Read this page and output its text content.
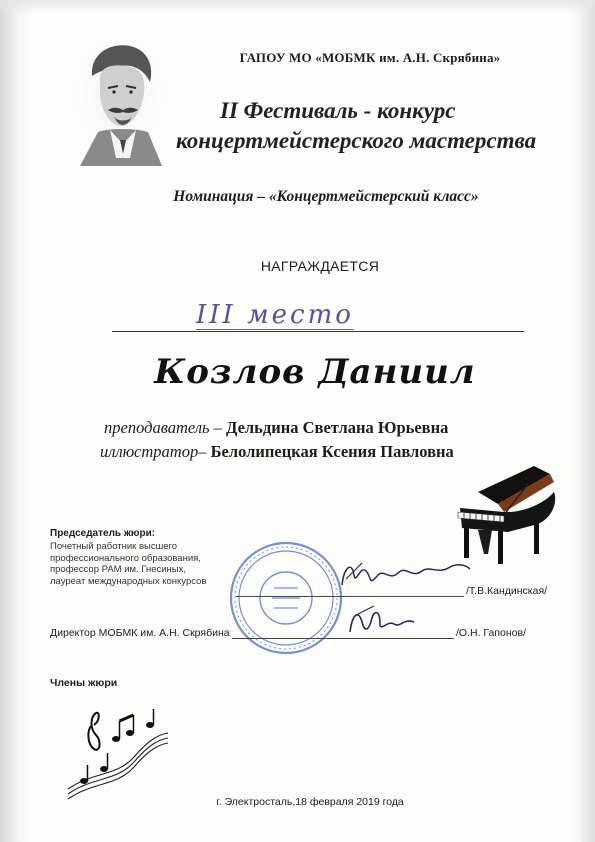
ГАПОУ МО «МОБМК им. А.Н. Скрябина»
II Фестиваль - конкурс
концертмейстерского мастерства
Номинация – «Концертмейстерский класс»
НАГРАЖДАЕТСЯ
III место
Козлов Даниил
преподаватель – Дельдина Светлана Юрьевна
иллюстратор– Белолипецкая Ксения Павловна
Председатель жюри:
Почетный работник высшего
профессионального образования,
профессор РАМ им. Гнесиных,
лауреат международных конкурсов
/Т.В.Кандинская/
Директор МОБМК им. А.Н. Скрябина	/О.Н. Гапонов/
Члены жюри
г. Электросталь,18 февраля 2019 года
